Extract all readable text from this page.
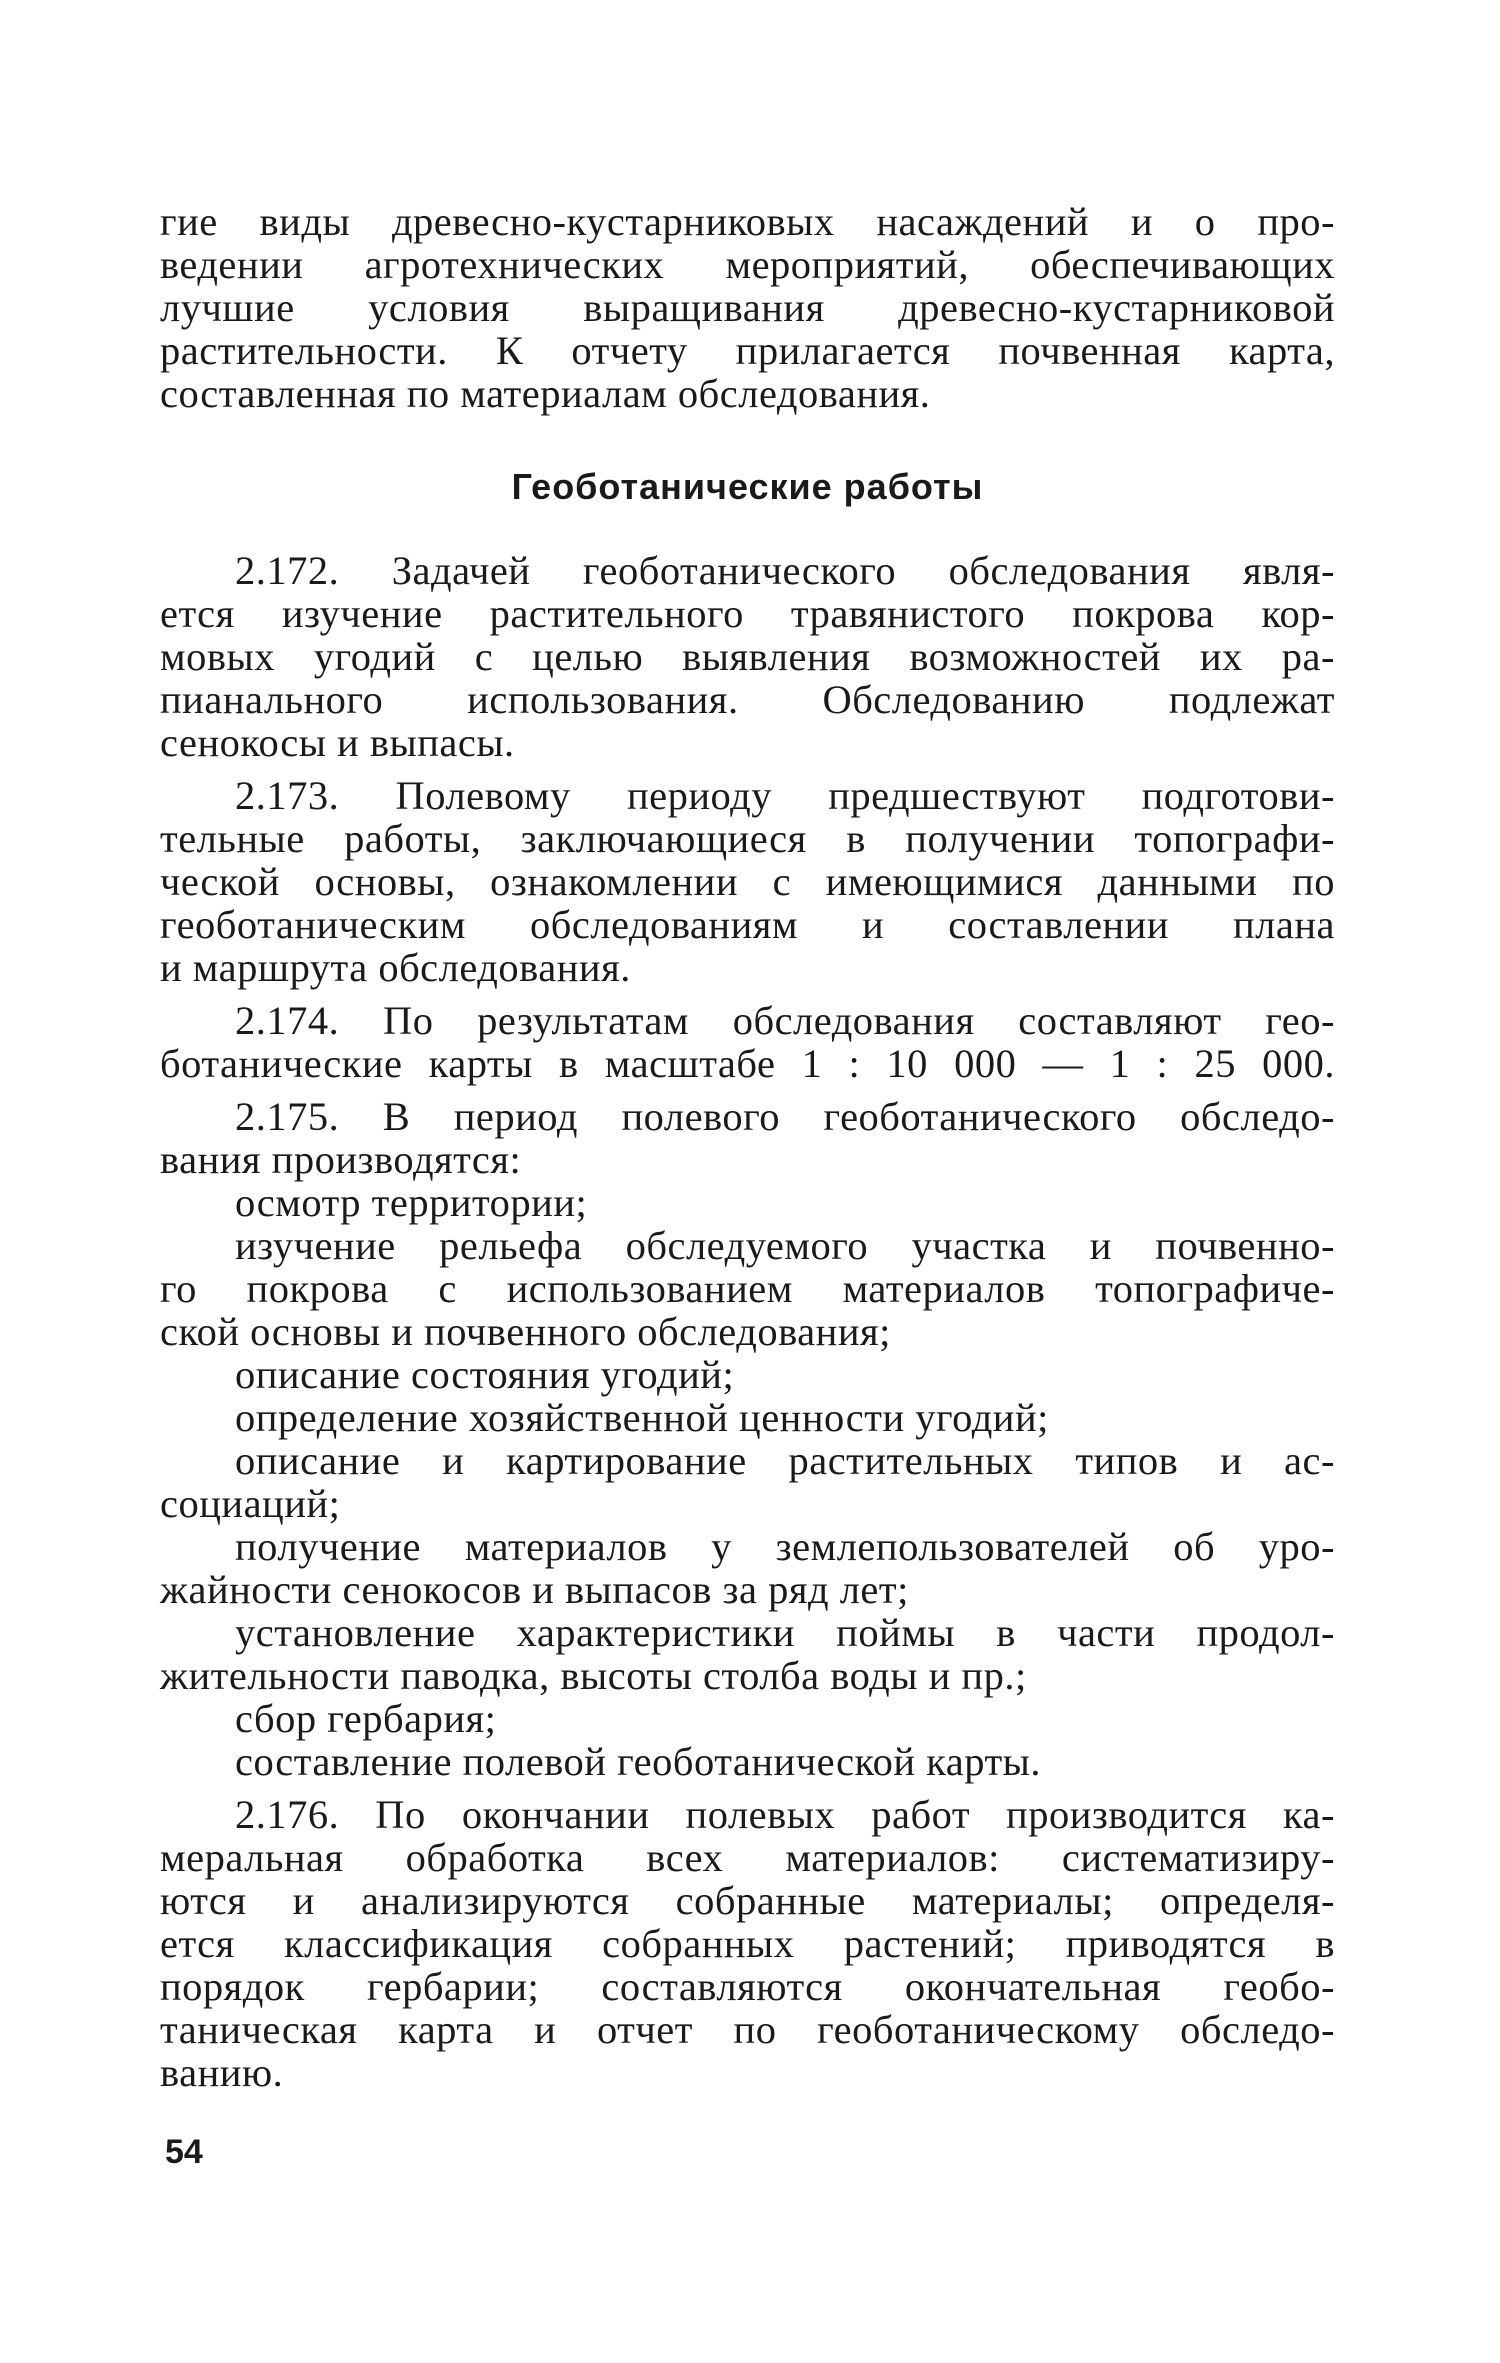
гие виды древесно-кустарниковых насаждений и о про-
ведении агротехнических мероприятий, обеспечивающих
лучшие условия выращивания древесно-кустарниковой
растительности. К отчету прилагается почвенная карта,
составленная по материалам обследования.
Геоботанические работы
2.172. Задачей геоботанического обследования явля-
ется изучение растительного травянистого покрова кор-
мовых угодий с целью выявления возможностей их ра-
пианального использования. Обследованию подлежат
сенокосы и выпасы.
2.173. Полевому периоду предшествуют подготови-
тельные работы, заключающиеся в получении топографи-
ческой основы, ознакомлении с имеющимися данными по
геоботаническим обследованиям и составлении плана
и маршрута обследования.
2.174. По результатам обследования составляют гео-
ботанические карты в масштабе 1 : 10 000 — 1 : 25 000.
2.175. В период полевого геоботанического обследо-
вания производятся:
осмотр территории;
изучение рельефа обследуемого участка и почвенно-
го покрова с использованием материалов топографиче-
ской основы и почвенного обследования;
описание состояния угодий;
определение хозяйственной ценности угодий;
описание и картирование растительных типов и ас-
социаций;
получение материалов у землепользователей об уро-
жайности сенокосов и выпасов за ряд лет;
установление характеристики поймы в части продол-
жительности паводка, высоты столба воды и пр.;
сбор гербария;
составление полевой геоботанической карты.
2.176. По окончании полевых работ производится ка-
меральная обработка всех материалов: систематизиру-
ются и анализируются собранные материалы; определя-
ется классификация собранных растений; приводятся в
порядок гербарии; составляются окончательная геобо-
таническая карта и отчет по геоботаническому обследо-
ванию.
54
